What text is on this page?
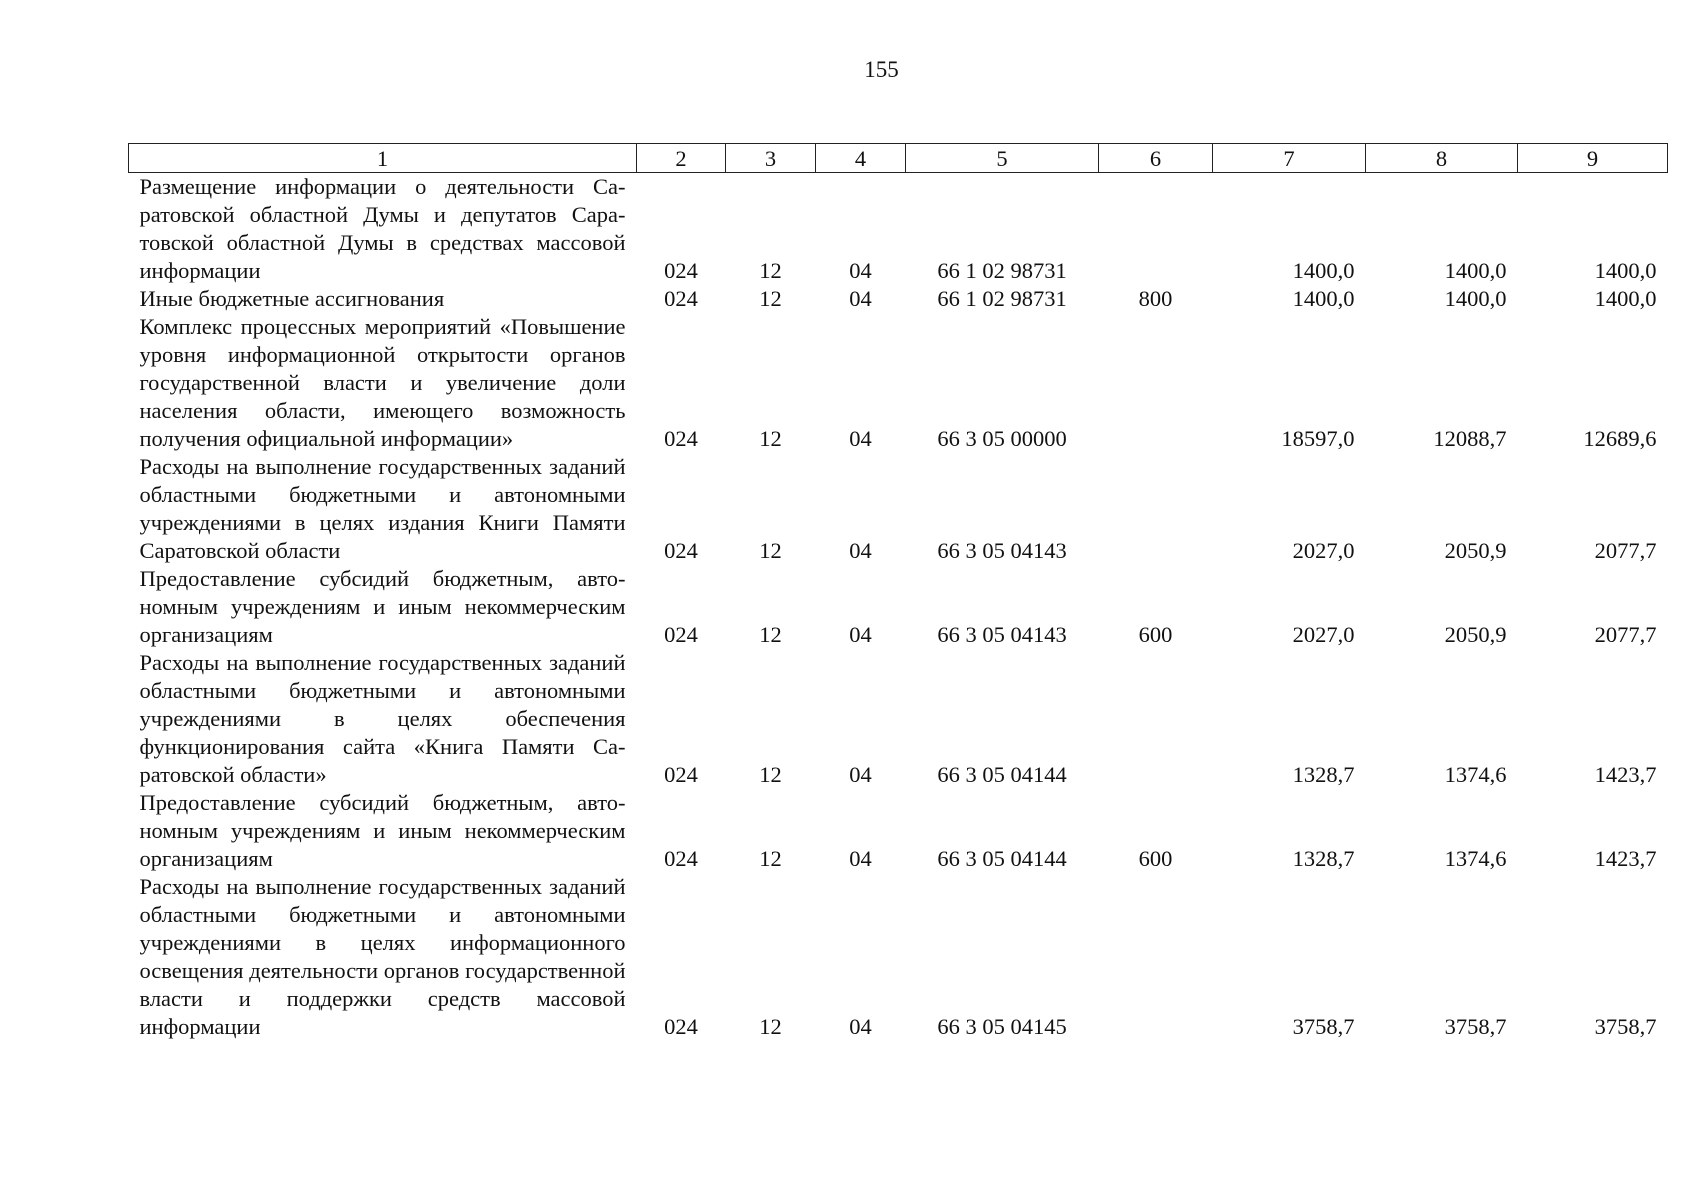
155
1	2	3	4	5	6	7	8	9
Размещение информации о деятельности Саратовской областной Думы и депутатов Саратовской областной Думы в средствах массовой информации	024	12	04	66 1 02 98731		1400,0	1400,0	1400,0
Иные бюджетные ассигнования	024	12	04	66 1 02 98731	800	1400,0	1400,0	1400,0
Комплекс процессных мероприятий «Повышение уровня информационной открытости органов государственной власти и увеличение доли населения области, имеющего возможность получения официальной информации»	024	12	04	66 3 05 00000		18597,0	12088,7	12689,6
Расходы на выполнение государственных заданий областными бюджетными и автономными учреждениями в целях издания Книги Памяти Саратовской области	024	12	04	66 3 05 04143		2027,0	2050,9	2077,7
Предоставление субсидий бюджетным, автономным учреждениям и иным некоммерческим организациям	024	12	04	66 3 05 04143	600	2027,0	2050,9	2077,7
Расходы на выполнение государственных заданий областными бюджетными и автономными учреждениями в целях обеспечения функционирования сайта «Книга Памяти Саратовской области»	024	12	04	66 3 05 04144		1328,7	1374,6	1423,7
Предоставление субсидий бюджетным, автономным учреждениям и иным некоммерческим организациям	024	12	04	66 3 05 04144	600	1328,7	1374,6	1423,7
Расходы на выполнение государственных заданий областными бюджетными и автономными учреждениями в целях информационного освещения деятельности органов государственной власти и поддержки средств массовой информации	024	12	04	66 3 05 04145		3758,7	3758,7	3758,7
